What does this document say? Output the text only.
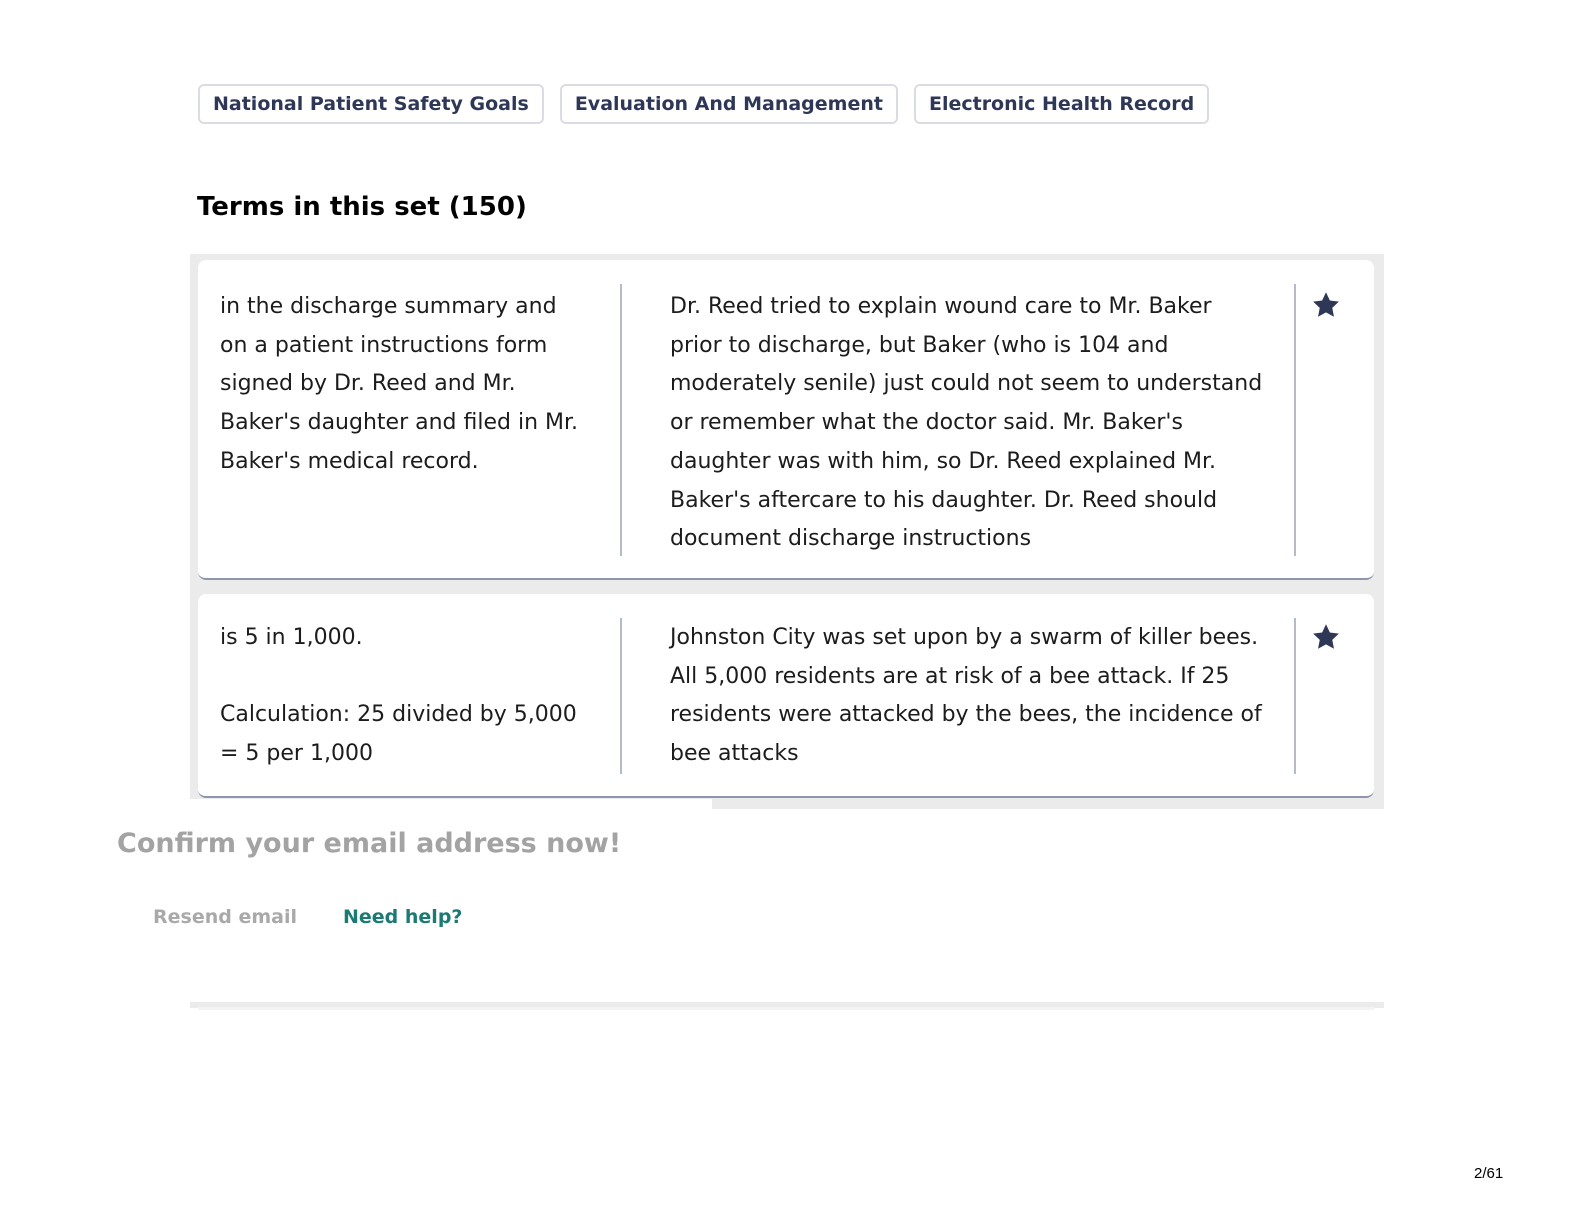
National Patient Safety Goals	Evaluation And Management	Electronic Health Record
Terms in this set (150)
in the discharge summary and
on a patient instructions form
signed by Dr. Reed and Mr.
Baker's daughter and filed in Mr.
Baker's medical record.
Dr. Reed tried to explain wound care to Mr. Baker prior to discharge, but Baker (who is 104 and moderately senile) just could not seem to understand or remember what the doctor said. Mr. Baker's daughter was with him, so Dr. Reed explained Mr. Baker's aftercare to his daughter. Dr. Reed should document discharge instructions
is 5 in 1,000.

Calculation: 25 divided by 5,000
= 5 per 1,000
Johnston City was set upon by a swarm of killer bees. All 5,000 residents are at risk of a bee attack. If 25 residents were attacked by the bees, the incidence of bee attacks
Confirm your email address now!
Resend email Need help?
2/61
